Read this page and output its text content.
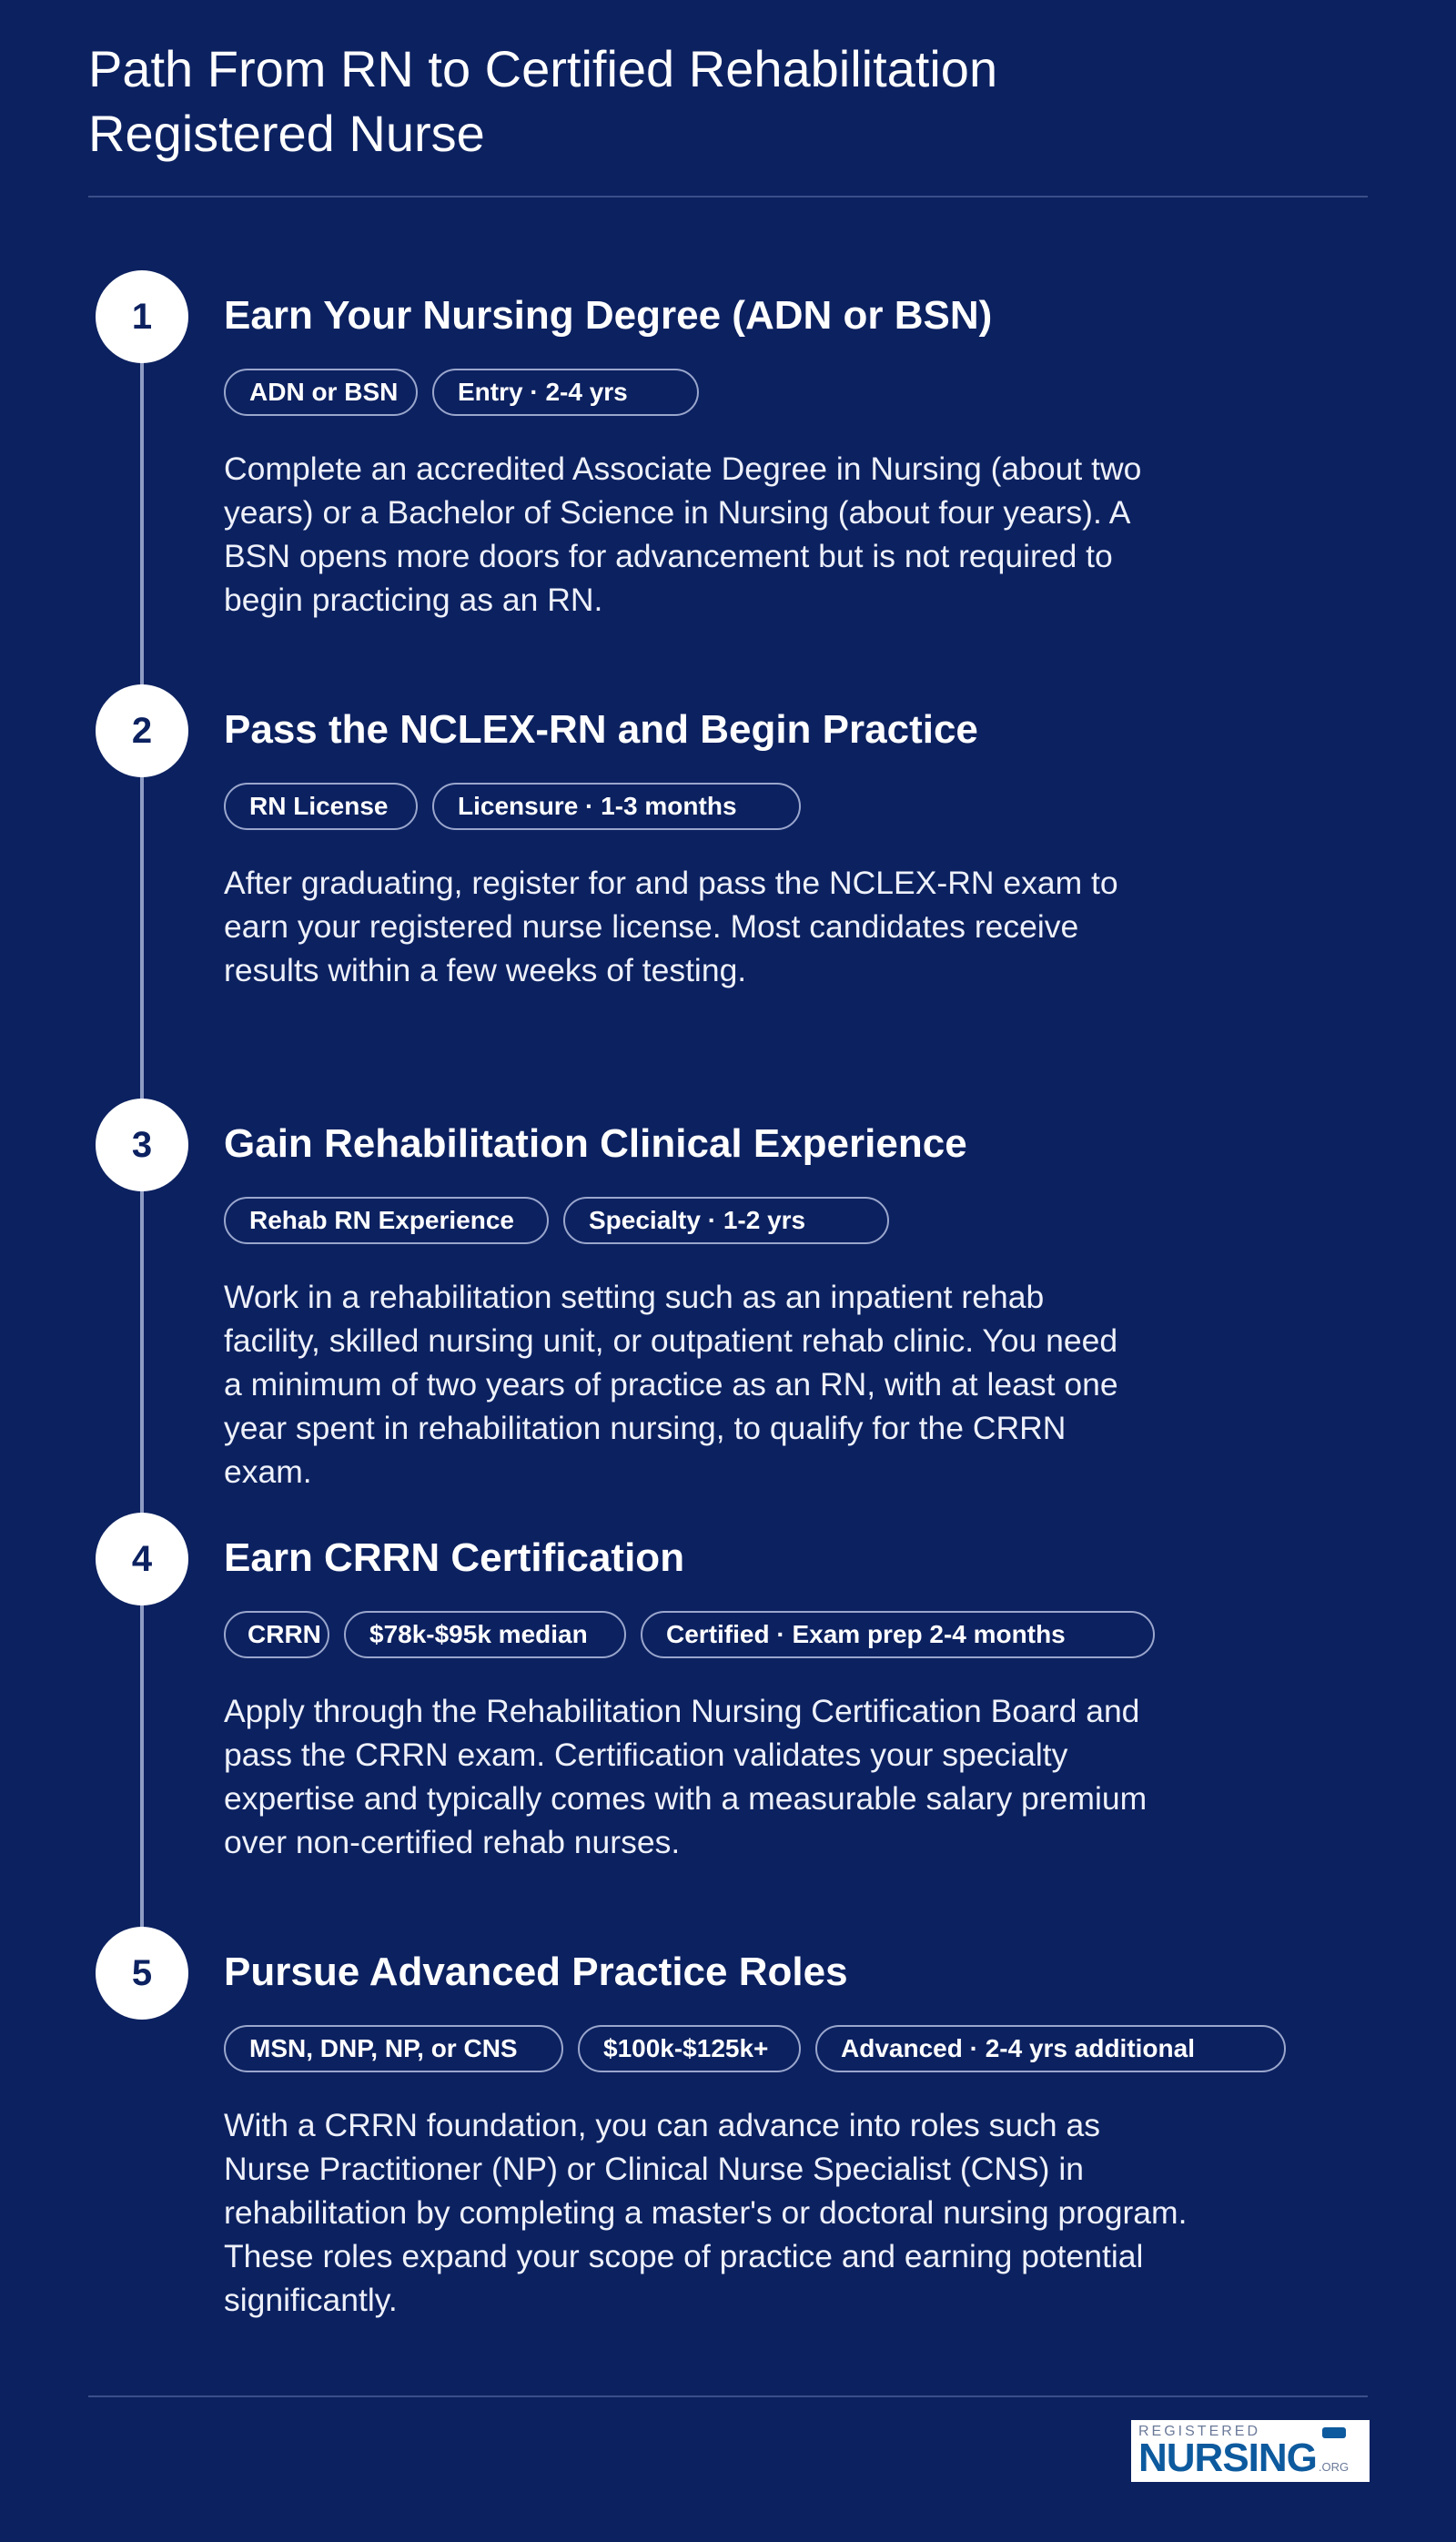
Path From RN to Certified Rehabilitation Registered Nurse
1	Earn Your Nursing Degree (ADN or BSN)
ADN or BSN	Entry · 2-4 yrs

Complete an accredited Associate Degree in Nursing (about two years) or a Bachelor of Science in Nursing (about four years). A BSN opens more doors for advancement but is not required to begin practicing as an RN.

2	Pass the NCLEX-RN and Begin Practice
RN License	Licensure · 1-3 months

After graduating, register for and pass the NCLEX-RN exam to earn your registered nurse license. Most candidates receive results within a few weeks of testing.

3	Gain Rehabilitation Clinical Experience
Rehab RN Experience	Specialty · 1-2 yrs

Work in a rehabilitation setting such as an inpatient rehab facility, skilled nursing unit, or outpatient rehab clinic. You need a minimum of two years of practice as an RN, with at least one year spent in rehabilitation nursing, to qualify for the CRRN exam.

4	Earn CRRN Certification
CRRN	$78k-$95k median	Certified · Exam prep 2-4 months

Apply through the Rehabilitation Nursing Certification Board and pass the CRRN exam. Certification validates your specialty expertise and typically comes with a measurable salary premium over non-certified rehab nurses.

5	Pursue Advanced Practice Roles
MSN, DNP, NP, or CNS	$100k-$125k+	Advanced · 2-4 yrs additional

With a CRRN foundation, you can advance into roles such as Nurse Practitioner (NP) or Clinical Nurse Specialist (CNS) in rehabilitation by completing a master's or doctoral nursing program. These roles expand your scope of practice and earning potential significantly.

REGISTERED
NURSING .ORG
